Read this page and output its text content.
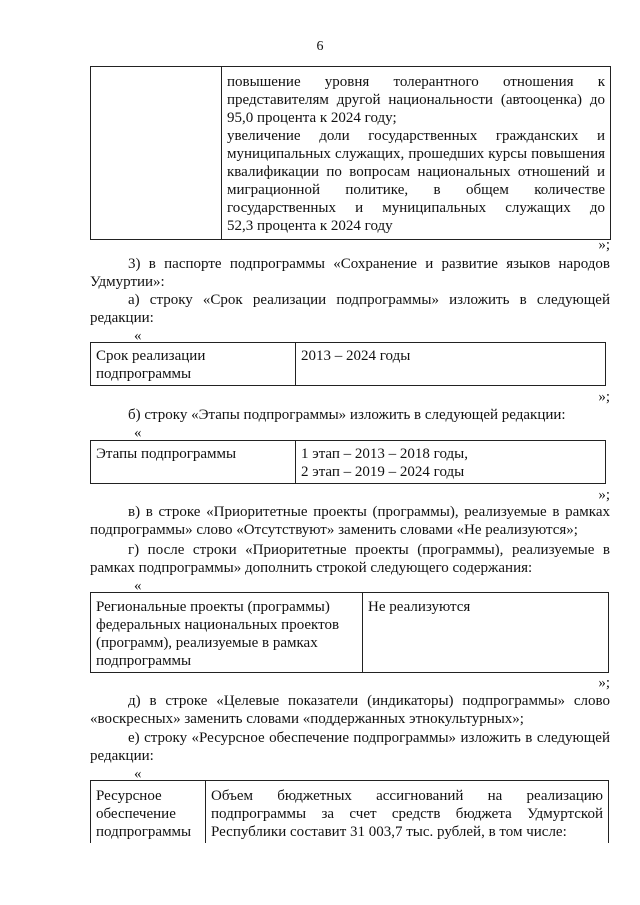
6

повышение уровня толерантного отношения к
представителям другой национальности (автооценка) до
95,0 процента к 2024 году;
увеличение доли государственных гражданских и
муниципальных служащих, прошедших курсы повышения
квалификации по вопросам национальных отношений и
миграционной политике, в общем количестве
государственных и муниципальных служащих до
52,3 процента к 2024 году
»;
3) в паспорте подпрограммы «Сохранение и развитие языков народов Удмуртии»:
а) строку «Срок реализации подпрограммы» изложить в следующей редакции:
«
Срок реализации подпрограммы	2013 – 2024 годы
»;
б) строку «Этапы подпрограммы» изложить в следующей редакции:
«
Этапы подпрограммы	1 этап – 2013 – 2018 годы,
2 этап – 2019 – 2024 годы
»;
в) в строке «Приоритетные проекты (программы), реализуемые в рамках подпрограммы» слово «Отсутствуют» заменить словами «Не реализуются»;
г) после строки «Приоритетные проекты (программы), реализуемые в рамках подпрограммы» дополнить строкой следующего содержания:
«
Региональные проекты (программы) федеральных национальных проектов (программ), реализуемые в рамках подпрограммы	Не реализуются
»;
д) в строке «Целевые показатели (индикаторы) подпрограммы» слово «воскресных» заменить словами «поддержанных этнокультурных»;
е) строку «Ресурсное обеспечение подпрограммы» изложить в следующей редакции:
«
Ресурсное обеспечение подпрограммы	Объем бюджетных ассигнований на реализацию подпрограммы за счет средств бюджета Удмуртской Республики составит 31 003,7 тыс. рублей, в том числе:
